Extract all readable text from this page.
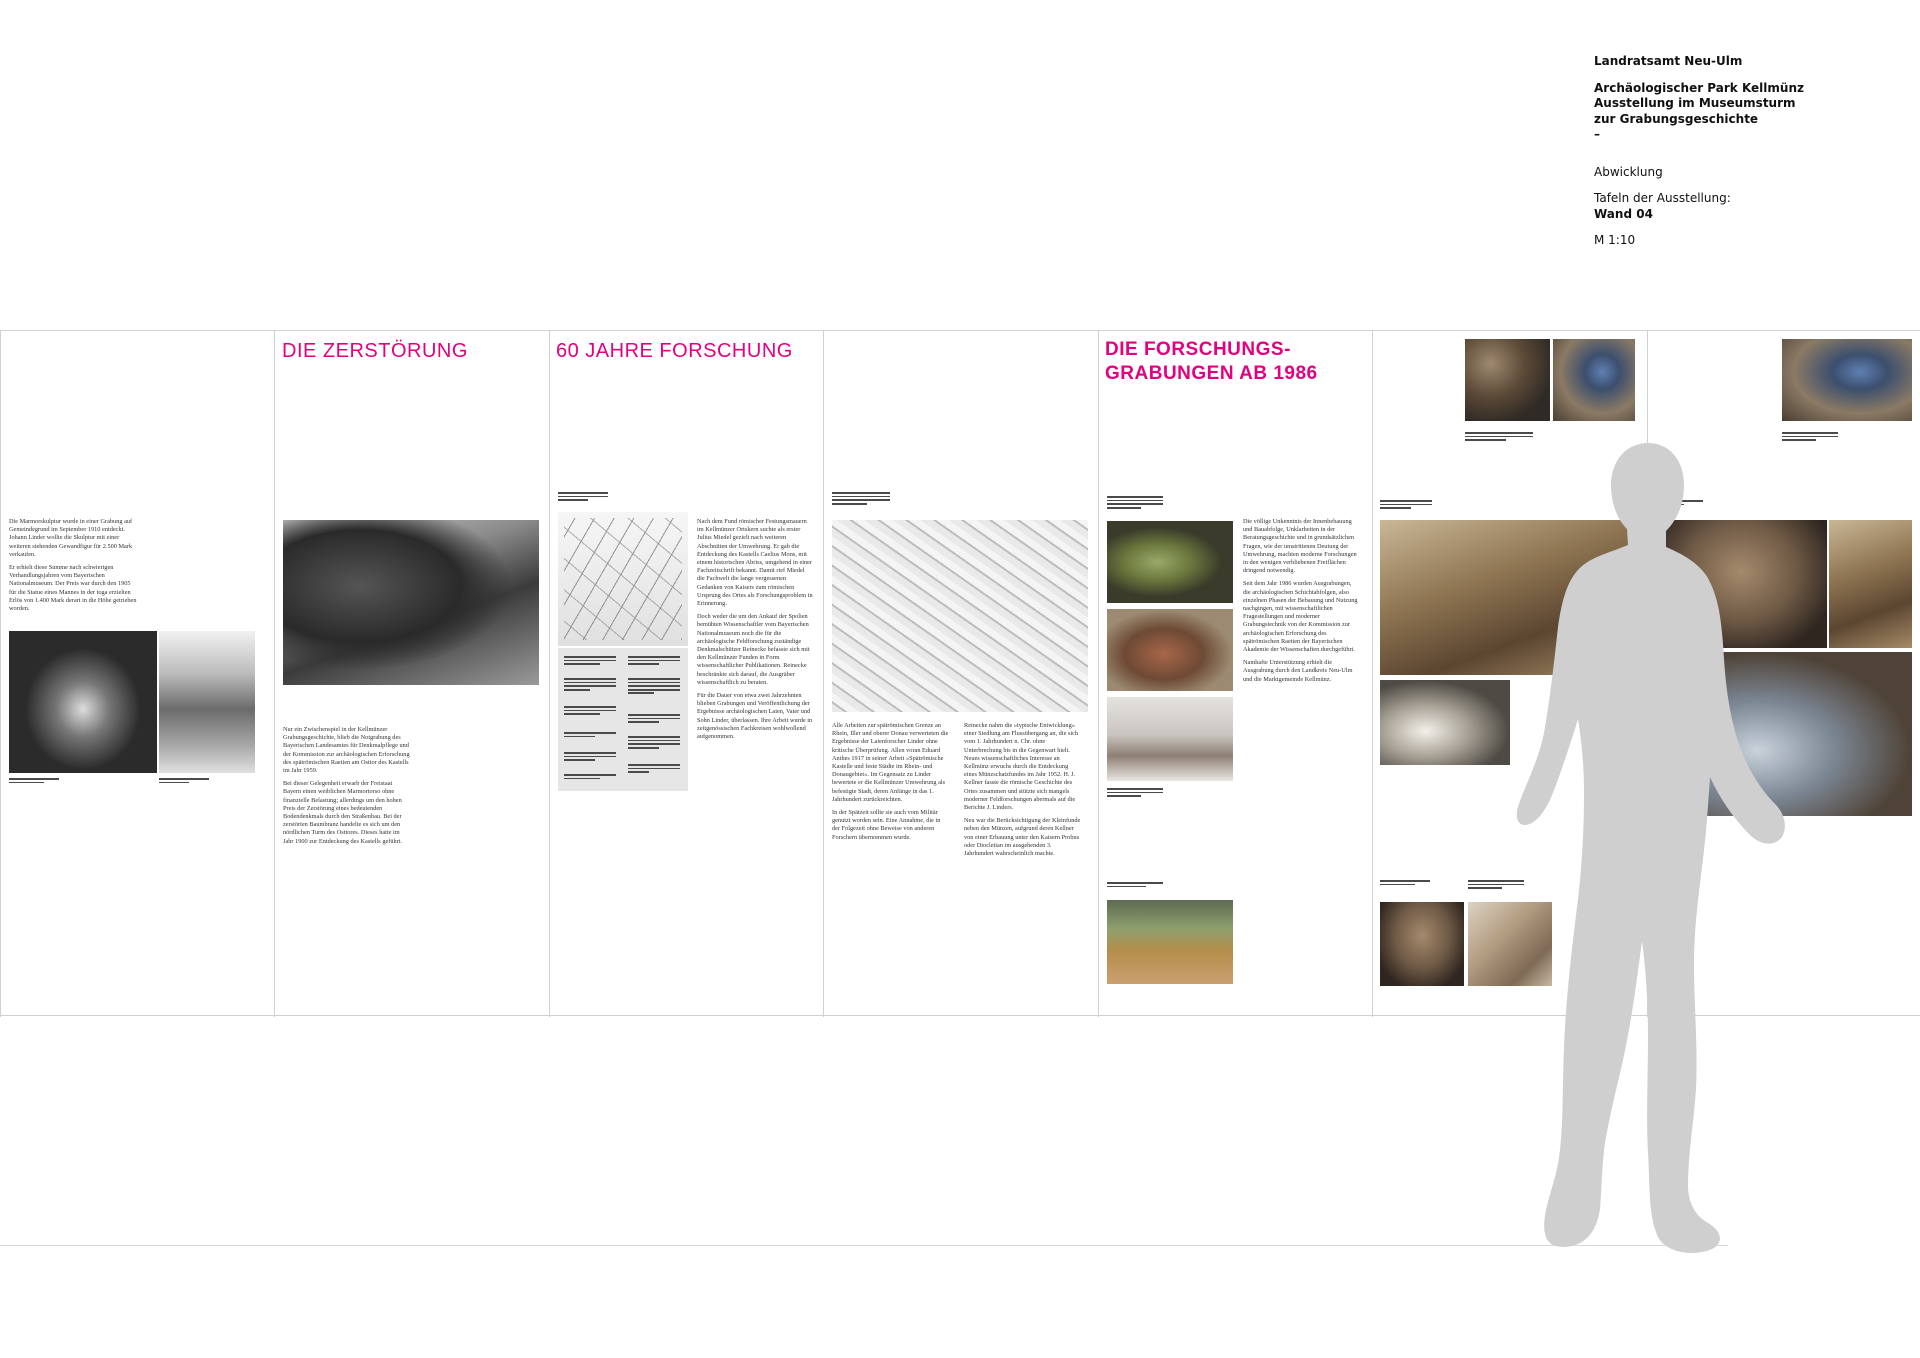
Landratsamt Neu-Ulm
Archäologischer Park Kellmünz
Ausstellung im Museumsturm
zur Grabungsgeschichte
–
Abwicklung
Tafeln der Ausstellung:
Wand 04
M 1:10

Die Marmorskulptur wurde in einer Grabung auf Gemeindegrund im September 1910 entdeckt. Johann Linder wollte die Skulptur mit einer weiteren stehenden Gewandfigur für 2.500 Mark verkaufen.

Er erhielt diese Summe nach schwierigen Verhandlungsjahren vom Bayerischen Nationalmuseum. Der Preis war durch den 1905 für die Statue eines Mannes in der toga erzielten Erlös von 1.400 Mark derart in die Höhe getrieben worden.

DIE ZERSTÖRUNG

Nur ein Zwischenspiel in der Kellmünzer Grabungsgeschichte, blieb die Notgrabung des Bayerischen Landesamtes für Denkmalpflege und der Kommission zur archäologischen Erforschung des spätrömischen Raetien am Osttor des Kastells im Jahr 1959.

Bei dieser Gelegenheit erwarb der Freistaat Bayern einen weiblichen Marmortorso ohne finanzielle Belastung; allerdings um den hohen Preis der Zerstörung eines bedeutenden Bodendenkmals durch den Straßenbau. Bei der zerstörten Baumbranz handelte es sich um den nördlichen Turm des Osttores. Dieses hatte im Jahr 1900 zur Entdeckung des Kastells geführt.

60 JAHRE FORSCHUNG

Nach dem Fund römischer Festungsmauern im Kellmünzer Ortskern suchte als erster Julius Miedel gezielt nach weiteren Abschnitten der Umwehrung. Er gab die Entdeckung des Kastells Caelius Mons, mit einem historischen Abriss, umgehend in einer Fachzeitschrift bekannt. Damit rief Miedel die Fachwelt die lange vergessenen Gedanken von Kaisers zum römischen Ursprung des Ortes als Forschungsproblem in Erinnerung.

Doch weder die um den Ankauf der Spolien bemühten Wissenschaftler vom Bayerischen Nationalmuseum noch die für die archäologische Feldforschung zuständige Denkmalschützer Reinecke befasste sich mit den Kellmünzer Funden in Form wissenschaftlicher Publikationen. Reinecke beschränkte sich darauf, die Ausgräber wissenschaftlich zu beraten.

Für die Dauer von etwa zwei Jahrzehnten blieben Grabungen und Veröffentlichung der Ergebnisse archäologischen Laien, Vater und Sohn Linder, überlassen. Ihre Arbeit wurde in zeitgenössischen Fachkreisen wohlwollend aufgenommen.

Alle Arbeiten zur spätrömischen Grenze an Rhein, Iller und oberer Donau verwerteten die Ergebnisse der Laienforscher Linder ohne kritische Überprüfung. Allen voran Eduard Anthes 1917 in seiner Arbeit »Spätrömische Kastelle und feste Städte im Rhein- und Donaugebiet«. Im Gegensatz zu Linder bewertete er die Kellmünzer Umwehrung als befestigte Stadt, deren Anfänge in das 1. Jahrhundert zurückreichten.

In der Spätzeit sollte sie auch vom Militär genutzt worden sein. Eine Annahme, die in der Folgezeit ohne Beweise von anderen Forschern übernommen wurde.

Reinecke nahm die »typische Entwicklung« einer Siedlung am Flussübergang an, die sich vom 1. Jahrhundert n. Chr. ohne Unterbrechung bis in die Gegenwart hielt. Neues wissenschaftliches Interesse an Kellmünz erwuchs durch die Entdeckung eines Münzschatzfundes im Jahr 1952. H. J. Kellner fasste die römische Geschichte des Ortes zusammen und stützte sich mangels moderner Feldforschungen abermals auf die Berichte J. Linders.

Neu war die Berücksichtigung der Kleinfunde neben den Münzen, aufgrund deren Kellner von einer Erbauung unter den Kaisern Probus oder Diocletian im ausgehenden 3. Jahrhundert wahrscheinlich machte.

DIE FORSCHUNGS-
GRABUNGEN AB 1986

Die völlige Unkenntnis der Innenbebauung und Bauabfolge, Unklarheiten in der Beratungsgeschichte und in grundsätzlichen Fragen, wie der umstrittenen Deutung der Umwehrung, machten moderne Forschungen in den wenigen verbliebenen Freiflächen dringend notwendig.

Seit dem Jahr 1986 wurden Ausgrabungen, die archäologischen Schichtabfolgen, also einzelnen Phasen der Bebauung und Nutzung nachgingen, mit wissenschaftlichen Fragestellungen und moderner Grabungstechnik von der Kommission zur archäologischen Erforschung des spätrömischen Raetien der Bayerischen Akademie der Wissenschaften durchgeführt.

Namhafte Unterstützung erhielt die Ausgrabung durch den Landkreis Neu-Ulm und die Marktgemeinde Kellmünz.
